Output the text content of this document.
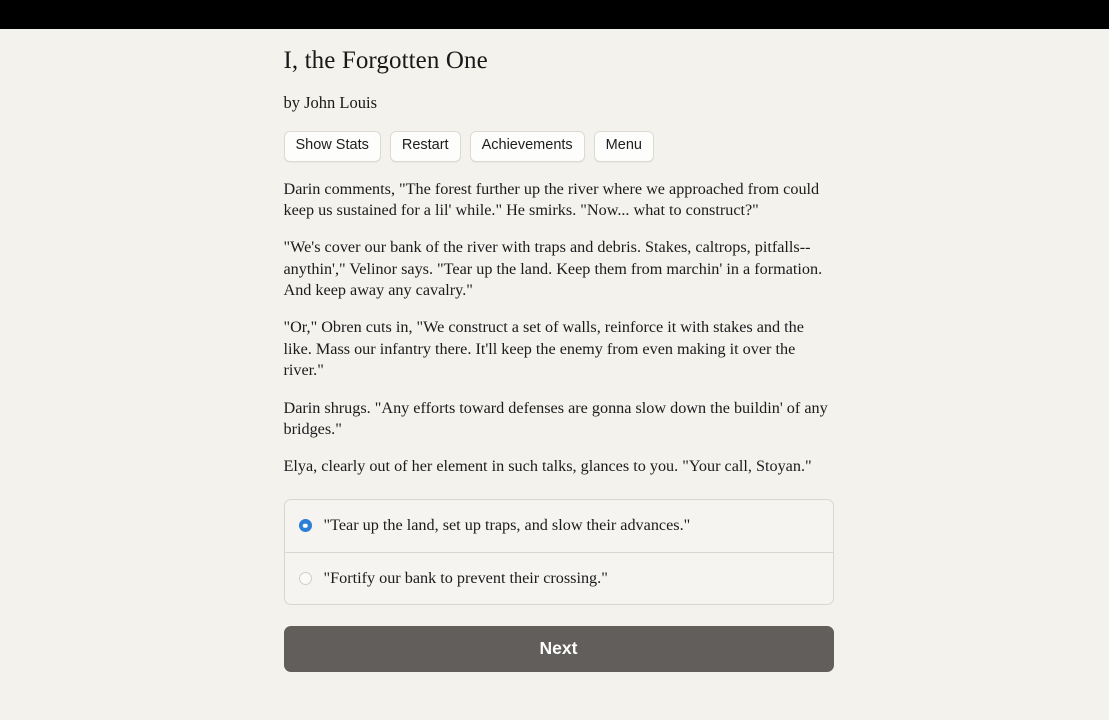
I, the Forgotten One
by John Louis
Show Stats	Restart	Achievements	Menu

Darin comments, "The forest further up the river where we approached from could keep us sustained for a lil' while." He smirks. "Now... what to construct?"

"We's cover our bank of the river with traps and debris. Stakes, caltrops, pitfalls--anythin'," Velinor says. "Tear up the land. Keep them from marchin' in a formation. And keep away any cavalry."

"Or," Obren cuts in, "We construct a set of walls, reinforce it with stakes and the like. Mass our infantry there. It'll keep the enemy from even making it over the river."

Darin shrugs. "Any efforts toward defenses are gonna slow down the buildin' of any bridges."

Elya, clearly out of her element in such talks, glances to you. "Your call, Stoyan."

"Tear up the land, set up traps, and slow their advances."
"Fortify our bank to prevent their crossing."
Next
